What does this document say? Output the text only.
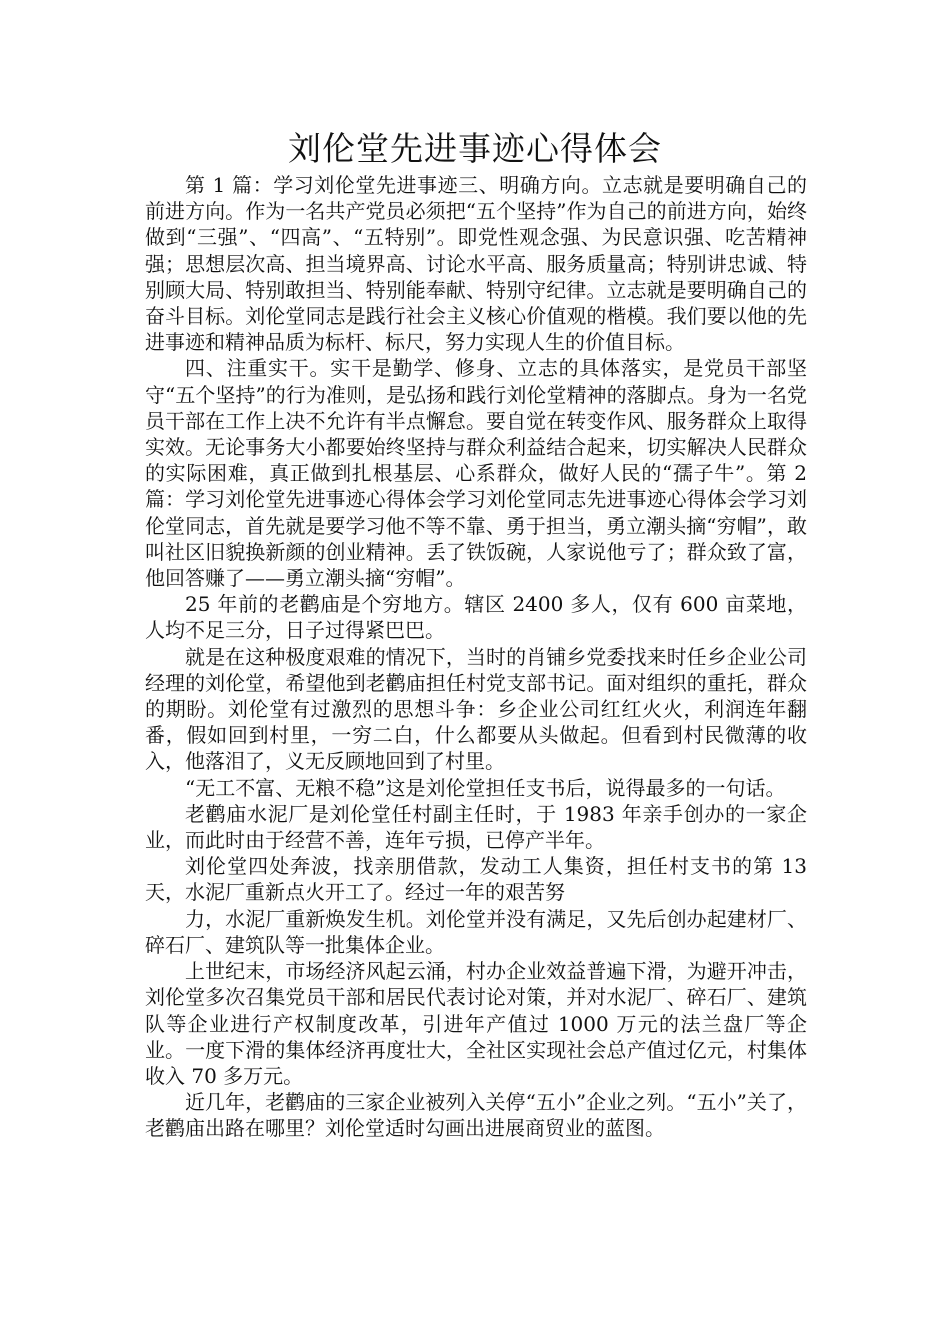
刘伦堂先进事迹心得体会

第 1 篇：学习刘伦堂先进事迹三、明确方向。立志就是要明确自己的前进方向。作为一名共产党员必须把“五个坚持”作为自己的前进方向，始终做到“三强”、“四高”、“五特别”。即党性观念强、为民意识强、吃苦精神强；思想层次高、担当境界高、讨论水平高、服务质量高；特别讲忠诚、特别顾大局、特别敢担当、特别能奉献、特别守纪律。立志就是要明确自己的奋斗目标。刘伦堂同志是践行社会主义核心价值观的楷模。我们要以他的先进事迹和精神品质为标杆、标尺，努力实现人生的价值目标。

四、注重实干。实干是勤学、修身、立志的具体落实，是党员干部坚守“五个坚持”的行为准则，是弘扬和践行刘伦堂精神的落脚点。身为一名党员干部在工作上决不允许有半点懈怠。要自觉在转变作风、服务群众上取得实效。无论事务大小都要始终坚持与群众利益结合起来，切实解决人民群众的实际困难，真正做到扎根基层、心系群众，做好人民的“孺子牛”。第 2 篇：学习刘伦堂先进事迹心得体会学习刘伦堂同志先进事迹心得体会学习刘伦堂同志，首先就是要学习他不等不靠、勇于担当，勇立潮头摘“穷帽”，敢叫社区旧貌换新颜的创业精神。丢了铁饭碗，人家说他亏了；群众致了富，他回答赚了——勇立潮头摘“穷帽”。

25 年前的老鹳庙是个穷地方。辖区 2400 多人，仅有 600 亩菜地，人均不足三分，日子过得紧巴巴。

就是在这种极度艰难的情况下，当时的肖铺乡党委找来时任乡企业公司经理的刘伦堂，希望他到老鹳庙担任村党支部书记。面对组织的重托，群众的期盼。刘伦堂有过激烈的思想斗争：乡企业公司红红火火，利润连年翻番，假如回到村里，一穷二白，什么都要从头做起。但看到村民微薄的收入，他落泪了，义无反顾地回到了村里。

“无工不富、无粮不稳”这是刘伦堂担任支书后，说得最多的一句话。

老鹳庙水泥厂是刘伦堂任村副主任时，于 1983 年亲手创办的一家企业，而此时由于经营不善，连年亏损，已停产半年。

刘伦堂四处奔波，找亲朋借款，发动工人集资，担任村支书的第 13 天，水泥厂重新点火开工了。经过一年的艰苦努

力，水泥厂重新焕发生机。刘伦堂并没有满足，又先后创办起建材厂、碎石厂、建筑队等一批集体企业。

上世纪末，市场经济风起云涌，村办企业效益普遍下滑，为避开冲击，刘伦堂多次召集党员干部和居民代表讨论对策，并对水泥厂、碎石厂、建筑队等企业进行产权制度改革，引进年产值过 1000 万元的法兰盘厂等企业。一度下滑的集体经济再度壮大，全社区实现社会总产值过亿元，村集体收入 70 多万元。

近几年，老鹳庙的三家企业被列入关停“五小”企业之列。“五小”关了，老鹳庙出路在哪里？刘伦堂适时勾画出进展商贸业的蓝图。
